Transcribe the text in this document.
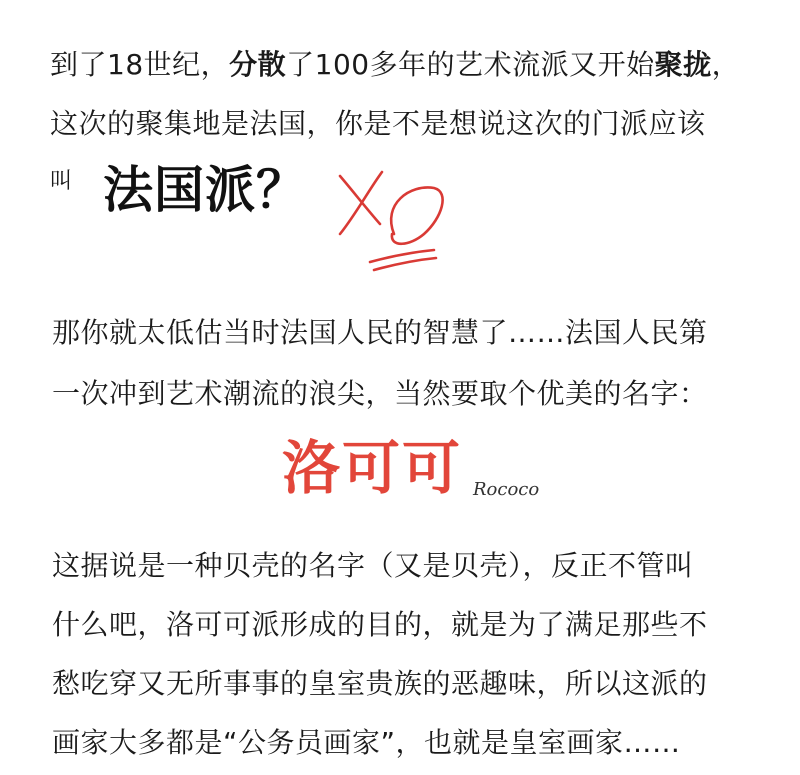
到了18世纪，分散了100多年的艺术流派又开始聚拢，
这次的聚集地是法国，你是不是想说这次的门派应该
叫 法国派？
那你就太低估当时法国人民的智慧了……法国人民第
一次冲到艺术潮流的浪尖，当然要取个优美的名字：
洛可可 Rococo
这据说是一种贝壳的名字（又是贝壳），反正不管叫
什么吧，洛可可派形成的目的，就是为了满足那些不
愁吃穿又无所事事的皇室贵族的恶趣味，所以这派的
画家大多都是“公务员画家”，也就是皇室画家……
